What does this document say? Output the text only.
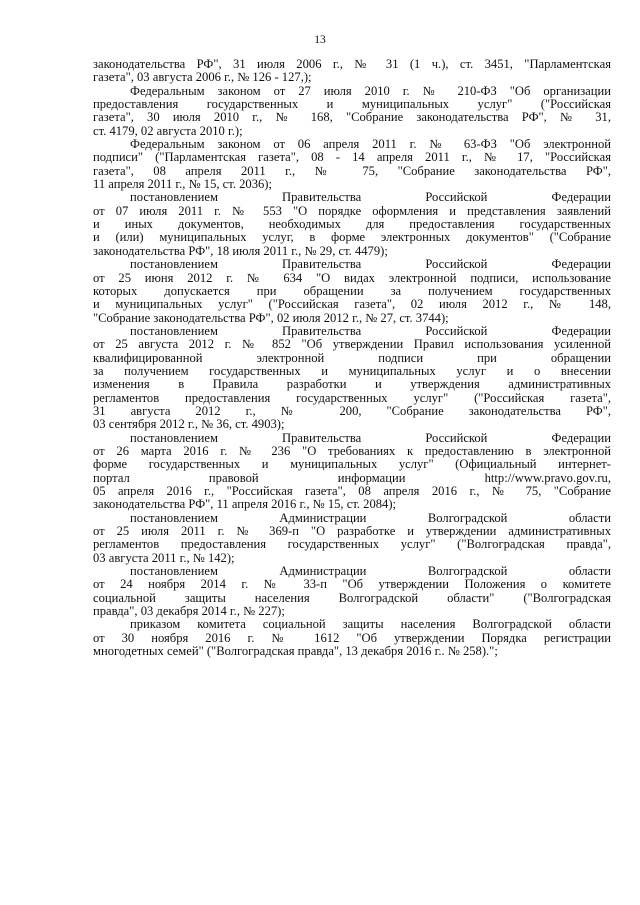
13
законодательства РФ", 31 июля 2006 г., № 31 (1 ч.), ст. 3451, "Парламентская
газета", 03 августа 2006 г., № 126 - 127,);
Федеральным законом от 27 июля 2010 г. № 210-ФЗ "Об организации
предоставления государственных и муниципальных услуг" ("Российская
газета", 30 июля 2010 г., № 168, "Собрание законодательства РФ", № 31,
ст. 4179, 02 августа 2010 г.);
Федеральным законом от 06 апреля 2011 г. № 63-ФЗ "Об электронной
подписи" ("Парламентская газета", 08 - 14 апреля 2011 г., № 17, "Российская
газета", 08 апреля 2011 г., № 75, "Собрание законодательства РФ",
11 апреля 2011 г., № 15, ст. 2036);
постановлением Правительства Российской Федерации
от 07 июля 2011 г. № 553 "О порядке оформления и представления заявлений
и иных документов, необходимых для предоставления государственных
и (или) муниципальных услуг, в форме электронных документов" ("Собрание
законодательства РФ", 18 июля 2011 г., № 29, ст. 4479);
постановлением Правительства Российской Федерации
от 25 июня 2012 г. № 634 "О видах электронной подписи, использование
которых допускается при обращении за получением государственных
и муниципальных услуг" ("Российская газета", 02 июля 2012 г., № 148,
"Собрание законодательства РФ", 02 июля 2012 г., № 27, ст. 3744);
постановлением Правительства Российской Федерации
от 25 августа 2012 г. № 852 "Об утверждении Правил использования усиленной
квалифицированной электронной подписи при обращении
за получением государственных и муниципальных услуг и о внесении
изменения в Правила разработки и утверждения административных
регламентов предоставления государственных услуг" ("Российская газета",
31 августа 2012 г., № 200, "Собрание законодательства РФ",
03 сентября 2012 г., № 36, ст. 4903);
постановлением Правительства Российской Федерации
от 26 марта 2016 г. № 236 "О требованиях к предоставлению в электронной
форме государственных и муниципальных услуг" (Официальный интернет-
портал правовой информации http://www.pravo.gov.ru,
05 апреля 2016 г., "Российская газета", 08 апреля 2016 г., № 75, "Собрание
законодательства РФ", 11 апреля 2016 г., № 15, ст. 2084);
постановлением Администрации Волгоградской области
от 25 июля 2011 г. № 369-п "О разработке и утверждении административных
регламентов предоставления государственных услуг" ("Волгоградская правда",
03 августа 2011 г., № 142);
постановлением Администрации Волгоградской области
от 24 ноября 2014 г. № 33-п "Об утверждении Положения о комитете
социальной защиты населения Волгоградской области" ("Волгоградская
правда", 03 декабря 2014 г., № 227);
приказом комитета социальной защиты населения Волгоградской области
от 30 ноября 2016 г. № 1612 "Об утверждении Порядка регистрации
многодетных семей" ("Волгоградская правда", 13 декабря 2016 г.. № 258).";
